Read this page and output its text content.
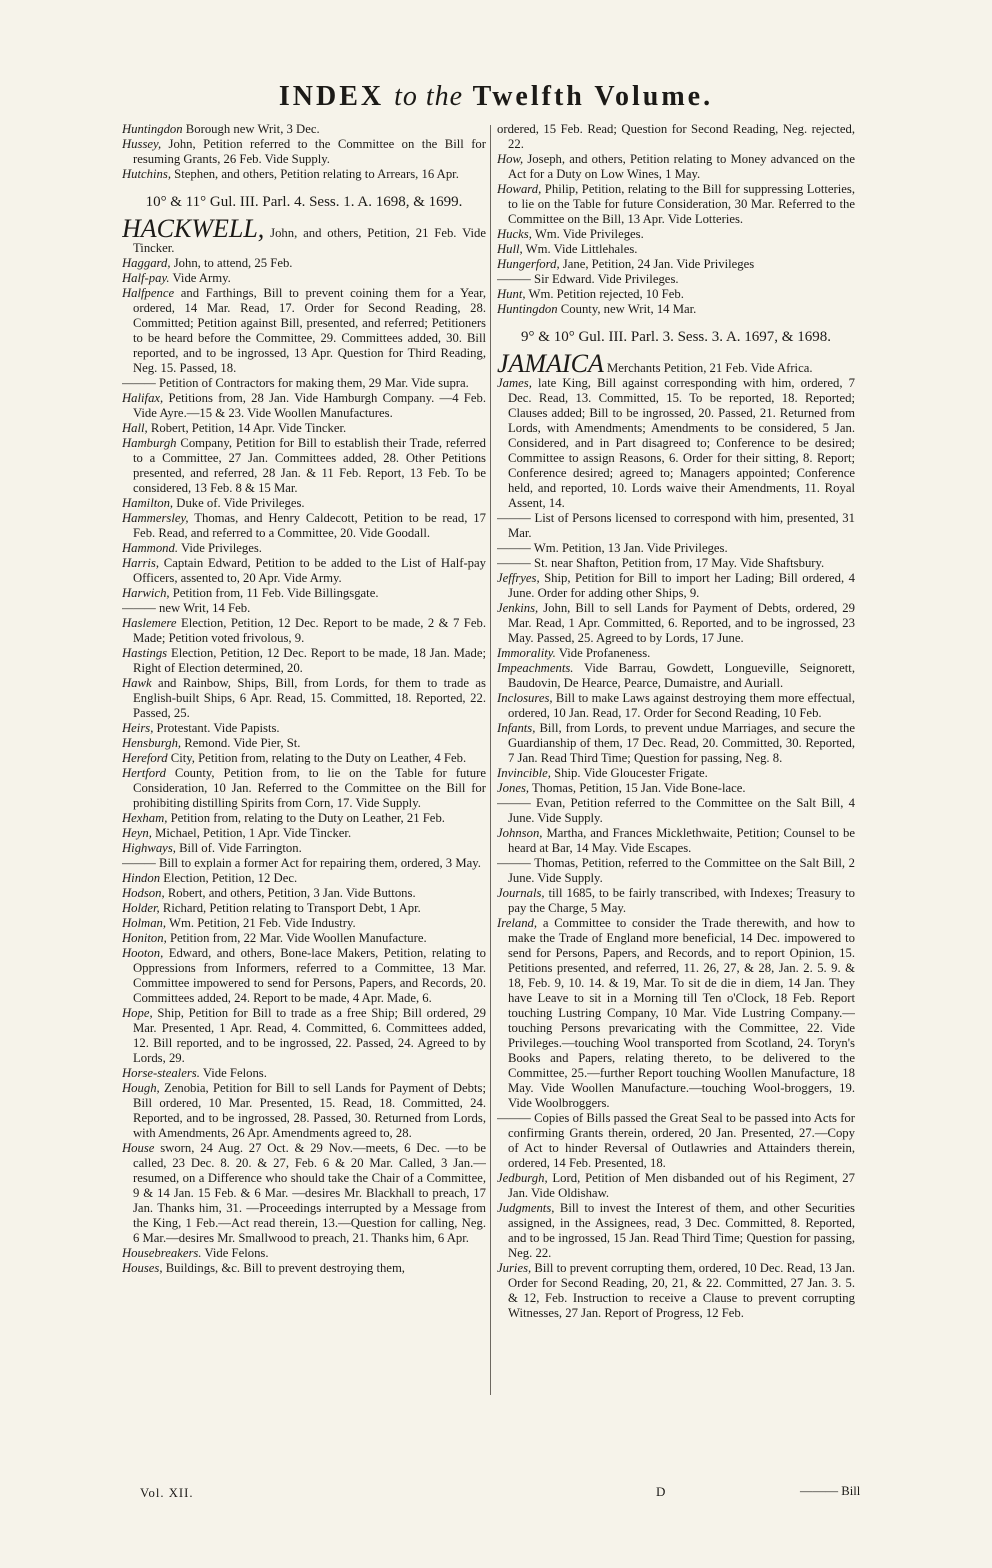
INDEX to the Twelfth Volume.

Huntingdon Borough new Writ, 3 Dec.

Hussey, John, Petition referred to the Committee on the Bill for resuming Grants, 26 Feb. Vide Supply.

Hutchins, Stephen, and others, Petition relating to Arrears, 16 Apr.

10° & 11° Gul. III. Parl. 4. Sess. 1. A. 1698, & 1699.

HACKWELL, John, and others, Petition, 21 Feb. Vide Tincker.

Haggard, John, to attend, 25 Feb.

Half-pay. Vide Army.

Halfpence and Farthings, Bill to prevent coining them for a Year, ordered, 14 Mar. Read, 17. Order for Second Reading, 28. Committed; Petition against Bill, presented, and referred; Petitioners to be heard before the Committee, 29. Committees added, 30. Bill reported, and to be ingrossed, 13 Apr. Question for Third Reading, Neg. 15. Passed, 18.

——— Petition of Contractors for making them, 29 Mar. Vide supra.

Halifax, Petitions from, 28 Jan. Vide Hamburgh Company. —4 Feb. Vide Ayre.—15 & 23. Vide Woollen Manufactures.

Hall, Robert, Petition, 14 Apr. Vide Tincker.

Hamburgh Company, Petition for Bill to establish their Trade, referred to a Committee, 27 Jan. Committees added, 28. Other Petitions presented, and referred, 28 Jan. & 11 Feb. Report, 13 Feb. To be considered, 13 Feb. 8 & 15 Mar.

Hamilton, Duke of. Vide Privileges.

Hammersley, Thomas, and Henry Caldecott, Petition to be read, 17 Feb. Read, and referred to a Committee, 20. Vide Goodall.

Hammond. Vide Privileges.

Harris, Captain Edward, Petition to be added to the List of Half-pay Officers, assented to, 20 Apr. Vide Army.

Harwich, Petition from, 11 Feb. Vide Billingsgate.

——— new Writ, 14 Feb.

Haslemere Election, Petition, 12 Dec. Report to be made, 2 & 7 Feb. Made; Petition voted frivolous, 9.

Hastings Election, Petition, 12 Dec. Report to be made, 18 Jan. Made; Right of Election determined, 20.

Hawk and Rainbow, Ships, Bill, from Lords, for them to trade as English-built Ships, 6 Apr. Read, 15. Committed, 18. Reported, 22. Passed, 25.

Heirs, Protestant. Vide Papists.

Hensburgh, Remond. Vide Pier, St.

Hereford City, Petition from, relating to the Duty on Leather, 4 Feb.

Hertford County, Petition from, to lie on the Table for future Consideration, 10 Jan. Referred to the Committee on the Bill for prohibiting distilling Spirits from Corn, 17. Vide Supply.

Hexham, Petition from, relating to the Duty on Leather, 21 Feb.

Heyn, Michael, Petition, 1 Apr. Vide Tincker.

Highways, Bill of. Vide Farrington.

——— Bill to explain a former Act for repairing them, ordered, 3 May.

Hindon Election, Petition, 12 Dec.

Hodson, Robert, and others, Petition, 3 Jan. Vide Buttons.

Holder, Richard, Petition relating to Transport Debt, 1 Apr.

Holman, Wm. Petition, 21 Feb. Vide Industry.

Honiton, Petition from, 22 Mar. Vide Woollen Manufacture.

Hooton, Edward, and others, Bone-lace Makers, Petition, relating to Oppressions from Informers, referred to a Committee, 13 Mar. Committee impowered to send for Persons, Papers, and Records, 20. Committees added, 24. Report to be made, 4 Apr. Made, 6.

Hope, Ship, Petition for Bill to trade as a free Ship; Bill ordered, 29 Mar. Presented, 1 Apr. Read, 4. Committed, 6. Committees added, 12. Bill reported, and to be ingrossed, 22. Passed, 24. Agreed to by Lords, 29.

Horse-stealers. Vide Felons.

Hough, Zenobia, Petition for Bill to sell Lands for Payment of Debts; Bill ordered, 10 Mar. Presented, 15. Read, 18. Committed, 24. Reported, and to be ingrossed, 28. Passed, 30. Returned from Lords, with Amendments, 26 Apr. Amendments agreed to, 28.

House sworn, 24 Aug. 27 Oct. & 29 Nov.—meets, 6 Dec. —to be called, 23 Dec. 8. 20. & 27, Feb. 6 & 20 Mar. Called, 3 Jan.—resumed, on a Difference who should take the Chair of a Committee, 9 & 14 Jan. 15 Feb. & 6 Mar. —desires Mr. Blackhall to preach, 17 Jan. Thanks him, 31. —Proceedings interrupted by a Message from the King, 1 Feb.—Act read therein, 13.—Question for calling, Neg. 6 Mar.—desires Mr. Smallwood to preach, 21. Thanks him, 6 Apr.

Housebreakers. Vide Felons.

Houses, Buildings, &c. Bill to prevent destroying them,

ordered, 15 Feb. Read; Question for Second Reading, Neg. rejected, 22.

How, Joseph, and others, Petition relating to Money advanced on the Act for a Duty on Low Wines, 1 May.

Howard, Philip, Petition, relating to the Bill for suppressing Lotteries, to lie on the Table for future Consideration, 30 Mar. Referred to the Committee on the Bill, 13 Apr. Vide Lotteries.

Hucks, Wm. Vide Privileges.

Hull, Wm. Vide Littlehales.

Hungerford, Jane, Petition, 24 Jan. Vide Privileges

——— Sir Edward. Vide Privileges.

Hunt, Wm. Petition rejected, 10 Feb.

Huntingdon County, new Writ, 14 Mar.

9° & 10° Gul. III. Parl. 3. Sess. 3. A. 1697, & 1698.

JAMAICA Merchants Petition, 21 Feb. Vide Africa.

James, late King, Bill against corresponding with him, ordered, 7 Dec. Read, 13. Committed, 15. To be reported, 18. Reported; Clauses added; Bill to be ingrossed, 20. Passed, 21. Returned from Lords, with Amendments; Amendments to be considered, 5 Jan. Considered, and in Part disagreed to; Conference to be desired; Committee to assign Reasons, 6. Order for their sitting, 8. Report; Conference desired; agreed to; Managers appointed; Conference held, and reported, 10. Lords waive their Amendments, 11. Royal Assent, 14.

——— List of Persons licensed to correspond with him, presented, 31 Mar.

——— Wm. Petition, 13 Jan. Vide Privileges.

——— St. near Shafton, Petition from, 17 May. Vide Shaftsbury.

Jeffryes, Ship, Petition for Bill to import her Lading; Bill ordered, 4 June. Order for adding other Ships, 9.

Jenkins, John, Bill to sell Lands for Payment of Debts, ordered, 29 Mar. Read, 1 Apr. Committed, 6. Reported, and to be ingrossed, 23 May. Passed, 25. Agreed to by Lords, 17 June.

Immorality. Vide Profaneness.

Impeachments. Vide Barrau, Gowdett, Longueville, Seignorett, Baudovin, De Hearce, Pearce, Dumaistre, and Auriall.

Inclosures, Bill to make Laws against destroying them more effectual, ordered, 10 Jan. Read, 17. Order for Second Reading, 10 Feb.

Infants, Bill, from Lords, to prevent undue Marriages, and secure the Guardianship of them, 17 Dec. Read, 20. Committed, 30. Reported, 7 Jan. Read Third Time; Question for passing, Neg. 8.

Invincible, Ship. Vide Gloucester Frigate.

Jones, Thomas, Petition, 15 Jan. Vide Bone-lace.

——— Evan, Petition referred to the Committee on the Salt Bill, 4 June. Vide Supply.

Johnson, Martha, and Frances Micklethwaite, Petition; Counsel to be heard at Bar, 14 May. Vide Escapes.

——— Thomas, Petition, referred to the Committee on the Salt Bill, 2 June. Vide Supply.

Journals, till 1685, to be fairly transcribed, with Indexes; Treasury to pay the Charge, 5 May.

Ireland, a Committee to consider the Trade therewith, and how to make the Trade of England more beneficial, 14 Dec. impowered to send for Persons, Papers, and Records, and to report Opinion, 15. Petitions presented, and referred, 11. 26, 27, & 28, Jan. 2. 5. 9. & 18, Feb. 9, 10. 14. & 19, Mar. To sit de die in diem, 14 Jan. They have Leave to sit in a Morning till Ten o'Clock, 18 Feb. Report touching Lustring Company, 10 Mar. Vide Lustring Company.—touching Persons prevaricating with the Committee, 22. Vide Privileges.—touching Wool transported from Scotland, 24. Toryn's Books and Papers, relating thereto, to be delivered to the Committee, 25.—further Report touching Woollen Manufacture, 18 May. Vide Woollen Manufacture.—touching Wool-broggers, 19. Vide Woolbroggers.

——— Copies of Bills passed the Great Seal to be passed into Acts for confirming Grants therein, ordered, 20 Jan. Presented, 27.—Copy of Act to hinder Reversal of Outlawries and Attainders therein, ordered, 14 Feb. Presented, 18.

Jedburgh, Lord, Petition of Men disbanded out of his Regiment, 27 Jan. Vide Oldishaw.

Judgments, Bill to invest the Interest of them, and other Securities assigned, in the Assignees, read, 3 Dec. Committed, 8. Reported, and to be ingrossed, 15 Jan. Read Third Time; Question for passing, Neg. 22.

Juries, Bill to prevent corrupting them, ordered, 10 Dec. Read, 13 Jan. Order for Second Reading, 20, 21, & 22. Committed, 27 Jan. 3. 5. & 12, Feb. Instruction to receive a Clause to prevent corrupting Witnesses, 27 Jan. Report of Progress, 12 Feb.

Vol. XII.	D	——— Bill
